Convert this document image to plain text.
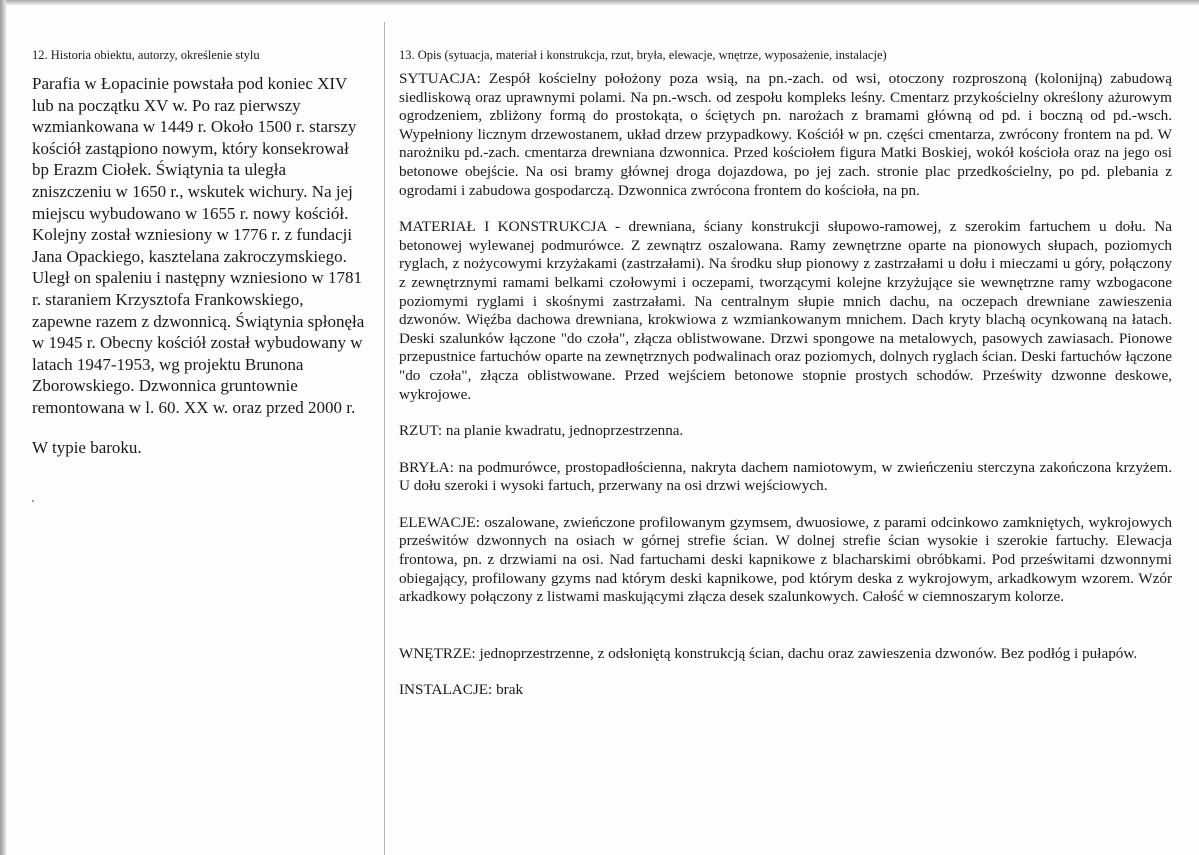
12. Historia obiektu, autorzy, określenie stylu

Parafia w Łopacinie powstała pod koniec XIV lub na początku XV w. Po raz pierwszy wzmiankowana w 1449 r. Około 1500 r. starszy kościół zastąpiono nowym, który konsekrował bp Erazm Ciołek. Świątynia ta uległa zniszczeniu w 1650 r., wskutek wichury. Na jej miejscu wybudowano w 1655 r. nowy kościół. Kolejny został wzniesiony w 1776 r. z fundacji Jana Opackiego, kasztelana zakroczymskiego. Uległ on spaleniu i następny wzniesiono w 1781 r. staraniem Krzysztofa Frankowskiego, zapewne razem z dzwonnicą. Świątynia spłonęła w 1945 r. Obecny kościół został wybudowany w latach 1947-1953, wg projektu Brunona Zborowskiego. Dzwonnica gruntownie remontowana w l. 60. XX w. oraz przed 2000 r.

W typie baroku.

13. Opis (sytuacja, materiał i konstrukcja, rzut, bryła, elewacje, wnętrze, wyposażenie, instalacje)

SYTUACJA: Zespół kościelny położony poza wsią, na pn.-zach. od wsi, otoczony rozproszoną (kolonijną) zabudową siedliskową oraz uprawnymi polami. Na pn.-wsch. od zespołu kompleks leśny. Cmentarz przykościelny określony ażurowym ogrodzeniem, zbliżony formą do prostokąta, o ściętych pn. narożach z bramami główną od pd. i boczną od pd.-wsch. Wypełniony licznym drzewostanem, układ drzew przypadkowy. Kościół w pn. części cmentarza, zwrócony frontem na pd. W narożniku pd.-zach. cmentarza drewniana dzwonnica. Przed kościołem figura Matki Boskiej, wokół kościoła oraz na jego osi betonowe obejście. Na osi bramy głównej droga dojazdowa, po jej zach. stronie plac przedkościelny, po pd. plebania z ogrodami i zabudowa gospodarczą. Dzwonnica zwrócona frontem do kościoła, na pn.

MATERIAŁ I KONSTRUKCJA - drewniana, ściany konstrukcji słupowo-ramowej, z szerokim fartuchem u dołu. Na betonowej wylewanej podmurówce. Z zewnątrz oszalowana. Ramy zewnętrzne oparte na pionowych słupach, poziomych ryglach, z nożycowymi krzyżakami (zastrzałami). Na środku słup pionowy z zastrzałami u dołu i mieczami u góry, połączony z zewnętrznymi ramami belkami czołowymi i oczepami, tworzącymi kolejne krzyżujące sie wewnętrzne ramy wzbogacone poziomymi ryglami i skośnymi zastrzałami. Na centralnym słupie mnich dachu, na oczepach drewniane zawieszenia dzwonów. Więźba dachowa drewniana, krokwiowa z wzmiankowanym mnichem. Dach kryty blachą ocynkowaną na łatach. Deski szalunków łączone "do czoła", złącza oblistwowane. Drzwi spongowe na metalowych, pasowych zawiasach. Pionowe przepustnice fartuchów oparte na zewnętrznych podwalinach oraz poziomych, dolnych ryglach ścian. Deski fartuchów łączone "do czoła", złącza oblistwowane. Przed wejściem betonowe stopnie prostych schodów. Prześwity dzwonne deskowe, wykrojowe.

RZUT: na planie kwadratu, jednoprzestrzenna.

BRYŁA: na podmurówce, prostopadłościenna, nakryta dachem namiotowym, w zwieńczeniu sterczyna zakończona krzyżem. U dołu szeroki i wysoki fartuch, przerwany na osi drzwi wejściowych.

ELEWACJE: oszalowane, zwieńczone profilowanym gzymsem, dwuosiowe, z parami odcinkowo zamkniętych, wykrojowych prześwitów dzwonnych na osiach w górnej strefie ścian. W dolnej strefie ścian wysokie i szerokie fartuchy. Elewacja frontowa, pn. z drzwiami na osi. Nad fartuchami deski kapnikowe z blacharskimi obróbkami. Pod prześwitami dzwonnymi obiegający, profilowany gzyms nad którym deski kapnikowe, pod którym deska z wykrojowym, arkadkowym wzorem. Wzór arkadkowy połączony z listwami maskującymi złącza desek szalunkowych. Całość w ciemnoszarym kolorze.

WNĘTRZE: jednoprzestrzenne, z odsłoniętą konstrukcją ścian, dachu oraz zawieszenia dzwonów. Bez podłóg i pułapów.

INSTALACJE: brak
